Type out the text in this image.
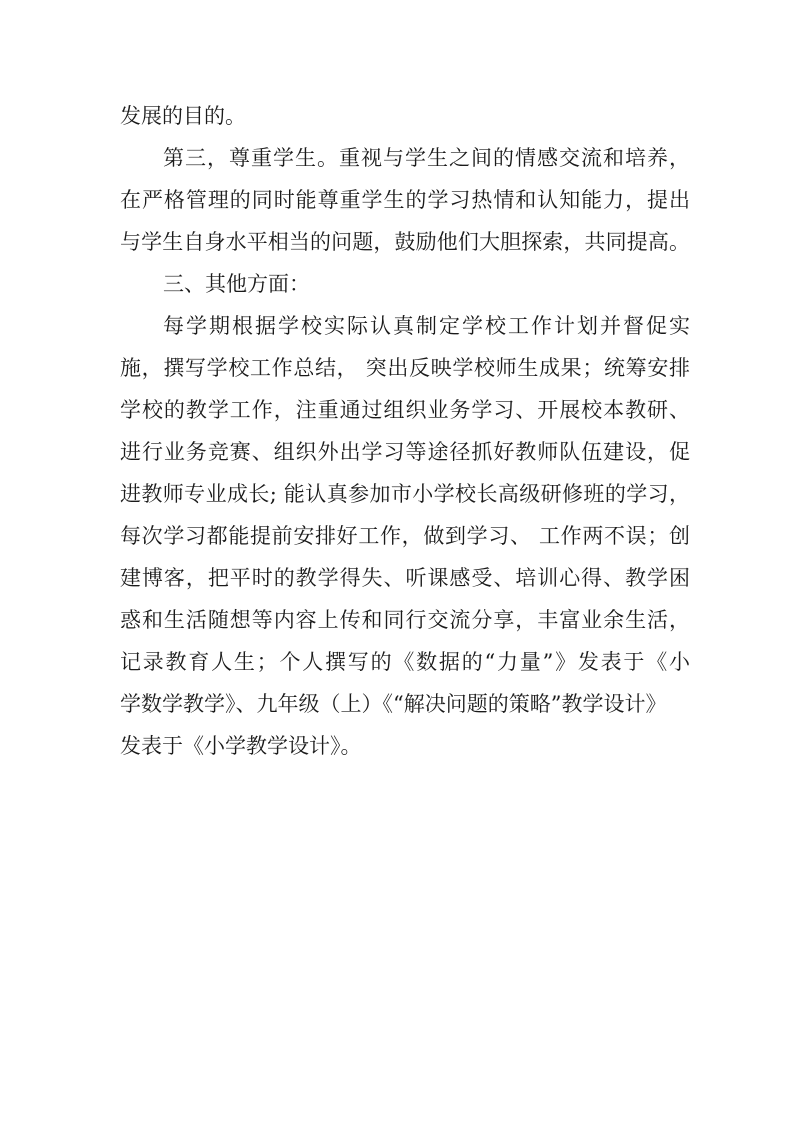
发展的目的。
第三，尊重学生。重视与学生之间的情感交流和培养，
在严格管理的同时能尊重学生的学习热情和认知能力，提出
与学生自身水平相当的问题，鼓励他们大胆探索，共同提高。
三、其他方面：
每学期根据学校实际认真制定学校工作计划并督促实
施，撰写学校工作总结， 突出反映学校师生成果；统筹安排
学校的教学工作，注重通过组织业务学习、开展校本教研、
进行业务竞赛、组织外出学习等途径抓好教师队伍建设，促
进教师专业成长; 能认真参加市小学校长高级研修班的学习，
每次学习都能提前安排好工作，做到学习、 工作两不误；创
建博客，把平时的教学得失、听课感受、培训心得、教学困
惑和生活随想等内容上传和同行交流分享，丰富业余生活，
记录教育人生；个人撰写的《数据的“力量”》发表于《小
学数学教学》、九年级（上）《“解决问题的策略”教学设计》
发表于《小学教学设计》。
